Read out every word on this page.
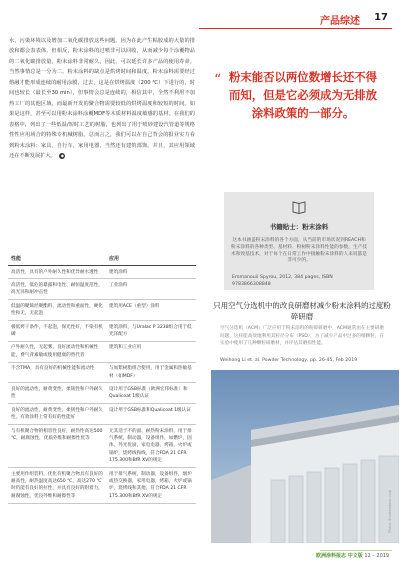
产品综述 17
水，污染环境以及增加二氧化碳排放这些问题。因为在此产生粘胶成的大量的排放和都会表表体，但相反，粉末涂料的过喷非可以回收，从而减少每个涂覆物品的二氧化碳排放量。粉末涂料非常耐久，因此，可以延长许多产品的使用寿命。当然事情总是一分为二。粉末涂料的缺点是烘烤时间和温度。粉末涂料需要经过熔融才能形成连续的耐用涂膜，过去，这是在烘烤温度（200 ℃）下进行的，时间也较长（最长至30 min），但事情会总是连续的，相信其中，全然不利用不加热工厂的其他区域，而最新开发的聚合物需要较低的烘烤温度和较短的时间。如果是这样，甚至可以用粉末涂料涂覆MDF等木质材料温度敏感的基材。在我们的表格中，列出了一些低温/短时工艺的树脂，也列出了用于喷砂建设汽管道等规格性性应用场合的特殊专机械树脂。总而言之，我们可以在自己背会的报业实力看到粉末涂料：家具，自行车，家用电器，当然还有建筑部饰。并且，其应用领域还在不断发展扩大。 ◆
性能	应用
高活性，具有的户外耐久性和优异耐水透性	建筑涂料
高活性，低危的暴露和电性、耐恒温度范性，高光泽和耐冲击性	工业涂料
低温的聚烯烃聚酯料，流动性和重面性，硬化性和无，无起泡	建筑用ACE（重型）涂料
极低烤干条件，不起泡，保光性好，不染有机磷	建筑涂料，与Uralac P 3238组合用于低光泽配方
户外耐久性，无起雾，良好流动性和机械性能，费气背素敏或使用健康的替代者	建筑和工业应用
不含TMA，具有良好的机械性能和流动性	与加紫树脂组合使用，用于金属和热敏基材（如MDF）
良好的流动性，耐黄变性，柔韧性和户外耐久性	设计用于GSB标准（欧洲宏伟标准）和Qualicoat 1级认证
良好的流动性，耐黄变性，柔韧性和户外耐久性，有效涂料上常有好的性能好	设计用于GSB标准和Qualicoat 1级认证
与有机聚合物的相容性良好，耐热性高达500 ℃，耐腐蚀性，优质外维和耐擦性优等	尤其适于不的面、耐热粉末涂料，用于排气系统，制动器，设备组件，如燃炉，固体，外光优厨，家电电器，烤箱，火炉或锅炉，烧烤线和线，符合FDA 21 CFR 175.300和BfR XV的规定
主要用作组装料，优化有机聚合物具有良好的耐高性，耐热温度高达650 ℃，高达270 ℃时仍能有良好的拉性，并具有良好的附着力，耐腐蚀性，优良外维和耐擦性等	用于排气系统，制动器，设备组件，烟炉或热交换器，家用电器，烤箱，火炉或锅炉，烧烤线和其他，符合FDA 21 CFR 175.300和BfR XV的规定
“ 粉末能否以两位数增长还不得而知，但是它必须成为无排放涂料政策的一部分。
书籍贴士：粉末涂料
这本书涵盖粉末涂料的各个方面，从当前的市场状况到REACH和粉末涂料的各种类型、基材料、粉树粉末涂料性能的参数，生产技术和致基技术，对于每个在日常工作中接触粉末涂料的人来说都是非可少的。
Emmanouil Spyrou, 2012, 384 pages, ISBN
9783866308848
只用空气分选机中的改良研磨材减少粉末涂料的过度粉碎研磨
空气分选机（ACM）广泛应用于粉末涂料的粉碎研磨中，ACM通常由在主要研磨问题，这样能高效地利用其粒径分布（PSD），为了减少产品中过多的细颗粒，在实验中使用了几种颗粒研磨材，并评估其磨损性能。
Weihong Li et. al. Powder Technology, pp. 26-45, Feb 2019
Photo: Shutterstock.com
欧洲涂料报志 中文版 12 – 2019
